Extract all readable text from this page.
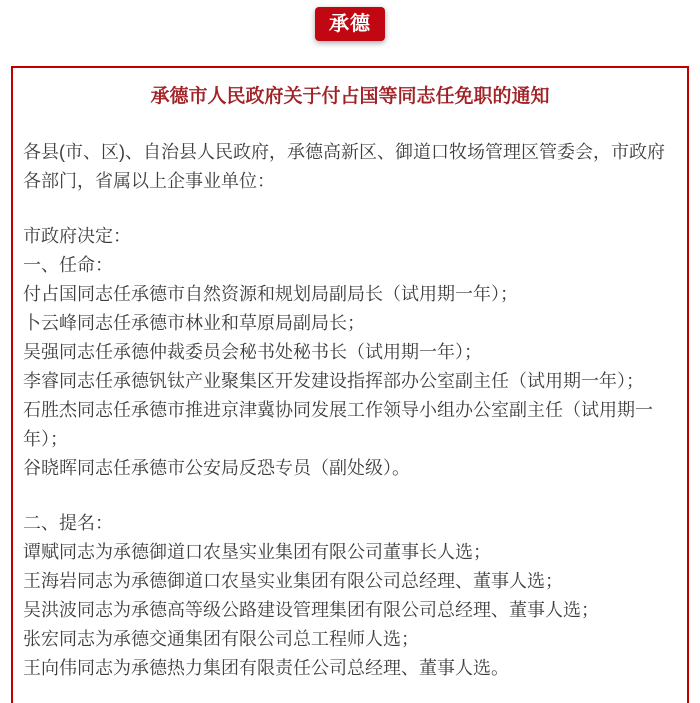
承德
承德市人民政府关于付占国等同志任免职的通知

各县(市、区)、自治县人民政府，承德高新区、御道口牧场管理区管委会，市政府各部门，省属以上企事业单位：

市政府决定：

一、任命：

付占国同志任承德市自然资源和规划局副局长（试用期一年）；

卜云峰同志任承德市林业和草原局副局长；

吴强同志任承德仲裁委员会秘书处秘书长（试用期一年）；

李睿同志任承德钒钛产业聚集区开发建设指挥部办公室副主任（试用期一年）；

石胜杰同志任承德市推进京津冀协同发展工作领导小组办公室副主任（试用期一年）；

谷晓晖同志任承德市公安局反恐专员（副处级）。

二、提名：

谭赋同志为承德御道口农垦实业集团有限公司董事长人选；

王海岩同志为承德御道口农垦实业集团有限公司总经理、董事人选；

吴洪波同志为承德高等级公路建设管理集团有限公司总经理、董事人选；

张宏同志为承德交通集团有限公司总工程师人选；

王向伟同志为承德热力集团有限责任公司总经理、董事人选。
